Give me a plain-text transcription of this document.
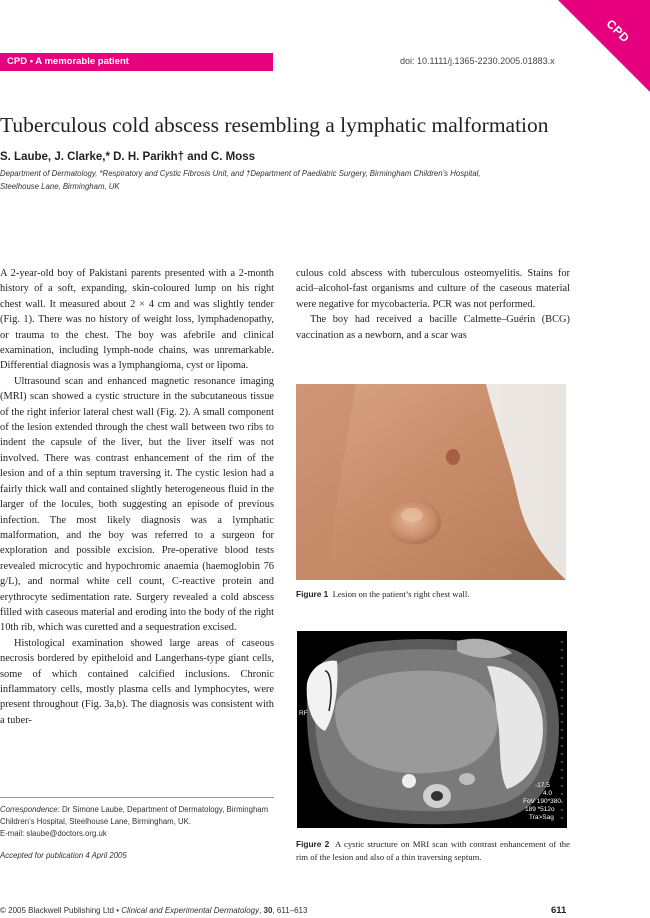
CPD
CPD • A memorable patient	doi: 10.1111/j.1365-2230.2005.01883.x
Tuberculous cold abscess resembling a lymphatic malformation
S. Laube, J. Clarke,* D. H. Parikh† and C. Moss
Department of Dermatology, *Respiratory and Cystic Fibrosis Unit, and †Department of Paediatric Surgery, Birmingham Children’s Hospital, Steelhouse Lane, Birmingham, UK

A 2-year-old boy of Pakistani parents presented with a 2-month history of a soft, expanding, skin-coloured lump on his right chest wall. It measured about 2 × 4 cm and was slightly tender (Fig. 1). There was no history of weight loss, lymphadenopathy, or trauma to the chest. The boy was afebrile and clinical examination, including lymph-node chains, was unremarkable. Differential diagnosis was a lymphangioma, cyst or lipoma.

Ultrasound scan and enhanced magnetic resonance imaging (MRI) scan showed a cystic structure in the subcutaneous tissue of the right inferior lateral chest wall (Fig. 2). A small component of the lesion extended through the chest wall between two ribs to indent the capsule of the liver, but the liver itself was not involved. There was contrast enhancement of the rim of the lesion and of a thin septum traversing it. The cystic lesion had a fairly thick wall and contained slightly heterogeneous fluid in the larger of the locules, both suggesting an episode of previous infection. The most likely diagnosis was a lymphatic malformation, and the boy was referred to a surgeon for exploration and possible excision. Pre-operative blood tests revealed microcytic and hypochromic anaemia (haemoglobin 76 g/L), and normal white cell count, C-reactive protein and erythrocyte sedimentation rate. Surgery revealed a cold abscess filled with caseous material and eroding into the body of the right 10th rib, which was curetted and a sequestration excised.

Histological examination showed large areas of caseous necrosis bordered by epitheloid and Langerhans-type giant cells, some of which contained calcified inclusions. Chronic inflammatory cells, mostly plasma cells and lymphocytes, were present throughout (Fig. 3a,b). The diagnosis was consistent with a tuber-

culous cold abscess with tuberculous osteomyelitis. Stains for acid–alcohol-fast organisms and culture of the caseous material were negative for mycobacteria. PCR was not performed.

The boy had received a bacille Calmette–Guérin (BCG) vaccination as a newborn, and a scar was

Figure 1 Lesion on the patient’s right chest wall.
RF
-17.5
4.0
FoV 190*380
189 *512o
Tra>Sag
Figure 2 A cystic structure on MRI scan with contrast enhancement of the rim of the lesion and also of a thin traversing septum.
Correspondence: Dr Simone Laube, Department of Dermatology, Birmingham Children’s Hospital, Steelhouse Lane, Birmingham, UK.
E-mail: slaube@doctors.org.uk
Accepted for publication 4 April 2005
© 2005 Blackwell Publishing Ltd • Clinical and Experimental Dermatology, 30, 611–613	611
